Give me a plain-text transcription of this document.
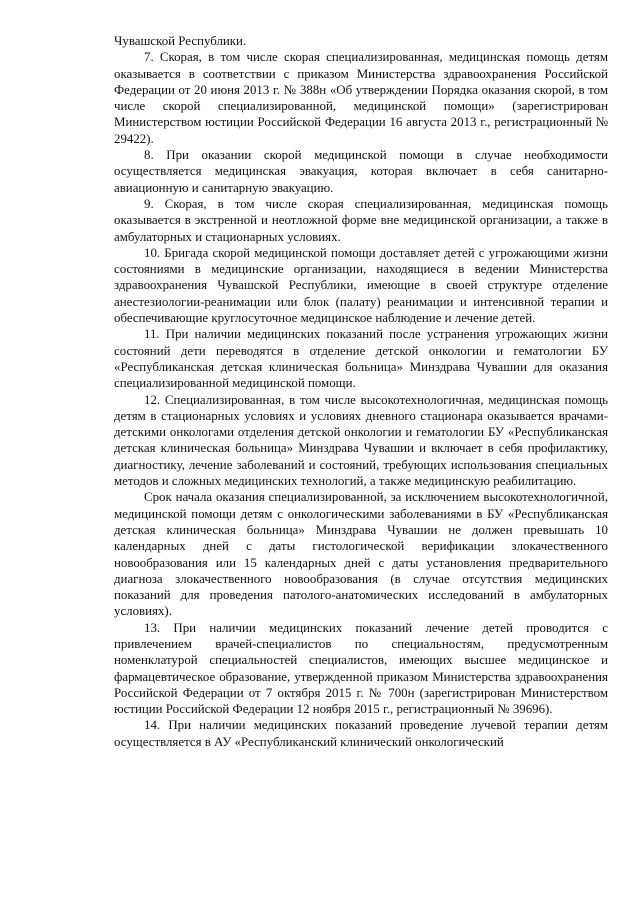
Чувашской Республики.

7. Скорая, в том числе скорая специализированная, медицинская помощь детям оказывается в соответствии с приказом Министерства здравоохранения Российской Федерации от 20 июня 2013 г. № 388н «Об утверждении Порядка оказания скорой, в том числе скорой специализированной, медицинской помощи» (зарегистрирован Министерством юстиции Российской Федерации 16 августа 2013 г., регистрационный № 29422).

8. При оказании скорой медицинской помощи в случае необходимости осуществляется медицинская эвакуация, которая включает в себя санитарно-авиационную и санитарную эвакуацию.

9. Скорая, в том числе скорая специализированная, медицинская помощь оказывается в экстренной и неотложной форме вне медицинской организации, а также в амбулаторных и стационарных условиях.

10. Бригада скорой медицинской помощи доставляет детей с угрожающими жизни состояниями в медицинские организации, находящиеся в ведении Министерства здравоохранения Чувашской Республики, имеющие в своей структуре отделение анестезиологии-реанимации или блок (палату) реанимации и интенсивной терапии и обеспечивающие круглосуточное медицинское наблюдение и лечение детей.

11. При наличии медицинских показаний после устранения угрожающих жизни состояний дети переводятся в отделение детской онкологии и гематологии БУ «Республиканская детская клиническая больница» Минздрава Чувашии для оказания специализированной медицинской помощи.

12. Специализированная, в том числе высокотехнологичная, медицинская помощь детям в стационарных условиях и условиях дневного стационара оказывается врачами-детскими онкологами отделения детской онкологии и гематологии БУ «Республиканская детская клиническая больница» Минздрава Чувашии и включает в себя профилактику, диагностику, лечение заболеваний и состояний, требующих использования специальных методов и сложных медицинских технологий, а также медицинскую реабилитацию.

Срок начала оказания специализированной, за исключением высокотехнологичной, медицинской помощи детям с онкологическими заболеваниями в БУ «Республиканская детская клиническая больница» Минздрава Чувашии не должен превышать 10 календарных дней с даты гистологической верификации злокачественного новообразования или 15 календарных дней с даты установления предварительного диагноза злокачественного новообразования (в случае отсутствия медицинских показаний для проведения патолого-анатомических исследований в амбулаторных условиях).

13. При наличии медицинских показаний лечение детей проводится с привлечением врачей-специалистов по специальностям, предусмотренным номенклатурой специальностей специалистов, имеющих высшее медицинское и фармацевтическое образование, утвержденной приказом Министерства здравоохранения Российской Федерации от 7 октября 2015 г. № 700н (зарегистрирован Министерством юстиции Российской Федерации 12 ноября 2015 г., регистрационный № 39696).

14. При наличии медицинских показаний проведение лучевой терапии детям осуществляется в АУ «Республиканский клинический онкологический
